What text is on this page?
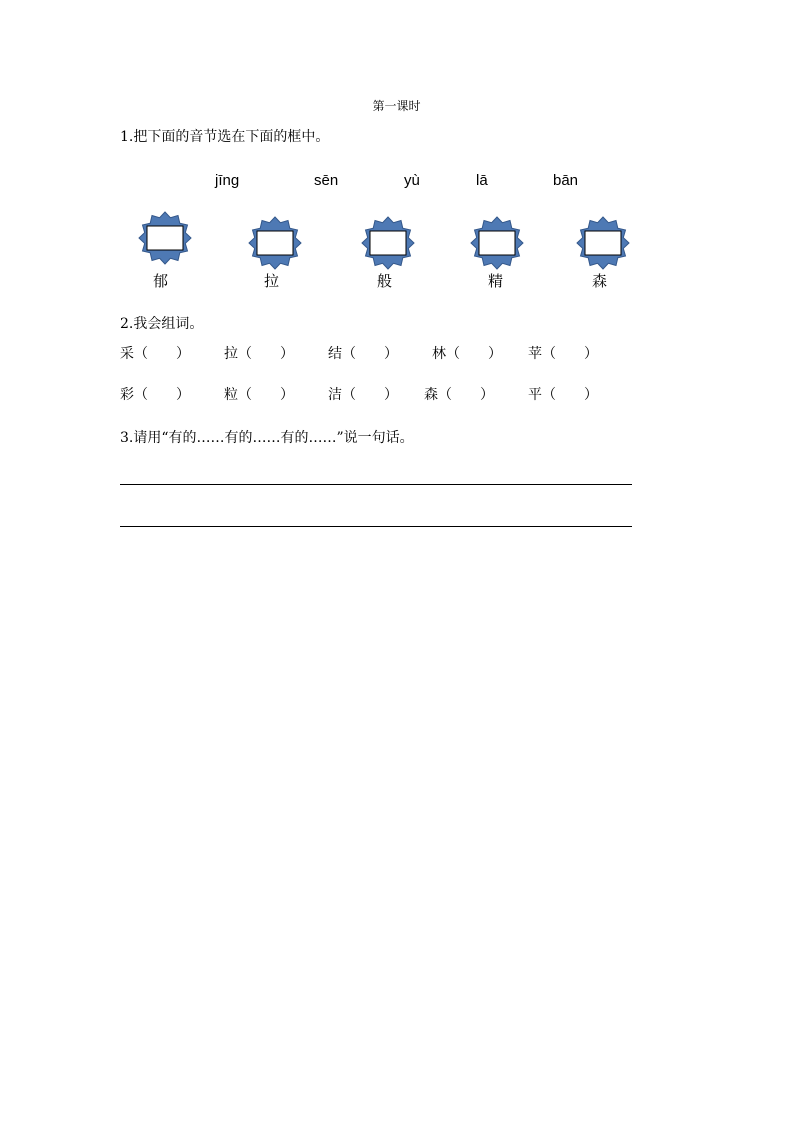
第一课时
1.把下面的音节选在下面的框中。
jīng	sēn	yù	lā	bān
郁	拉	般	精	森
2.我会组词。
采（　　） 拉（　　） 结（　　） 林（　　） 苹（　　）
彩（　　） 粒（　　） 洁（　　） 森（　　） 平（　　）
3.请用“有的……有的……有的……”说一句话。
